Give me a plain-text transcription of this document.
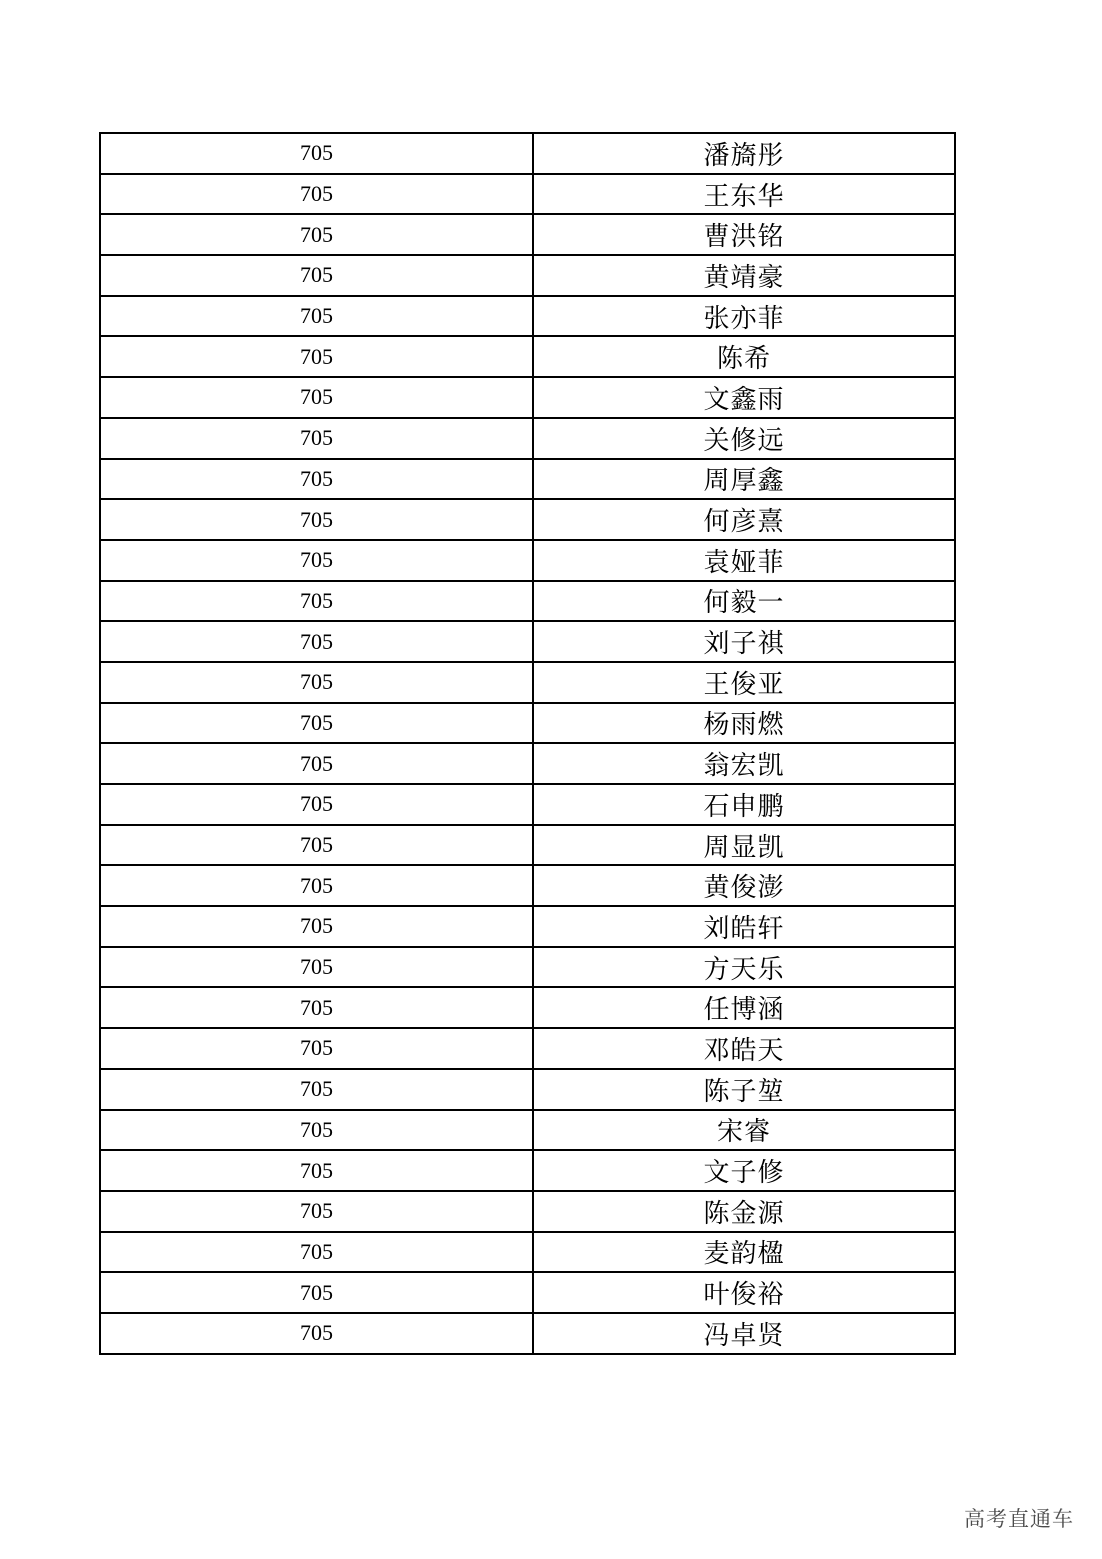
705	潘旖彤
705	王东华
705	曹洪铭
705	黄靖豪
705	张亦菲
705	陈希
705	文鑫雨
705	关修远
705	周厚鑫
705	何彦熹
705	袁娅菲
705	何毅一
705	刘子祺
705	王俊亚
705	杨雨燃
705	翁宏凯
705	石申鹏
705	周显凯
705	黄俊澎
705	刘皓轩
705	方天乐
705	任博涵
705	邓皓天
705	陈子堃
705	宋睿
705	文子修
705	陈金源
705	麦韵楹
705	叶俊裕
705	冯卓贤
高考直通车
